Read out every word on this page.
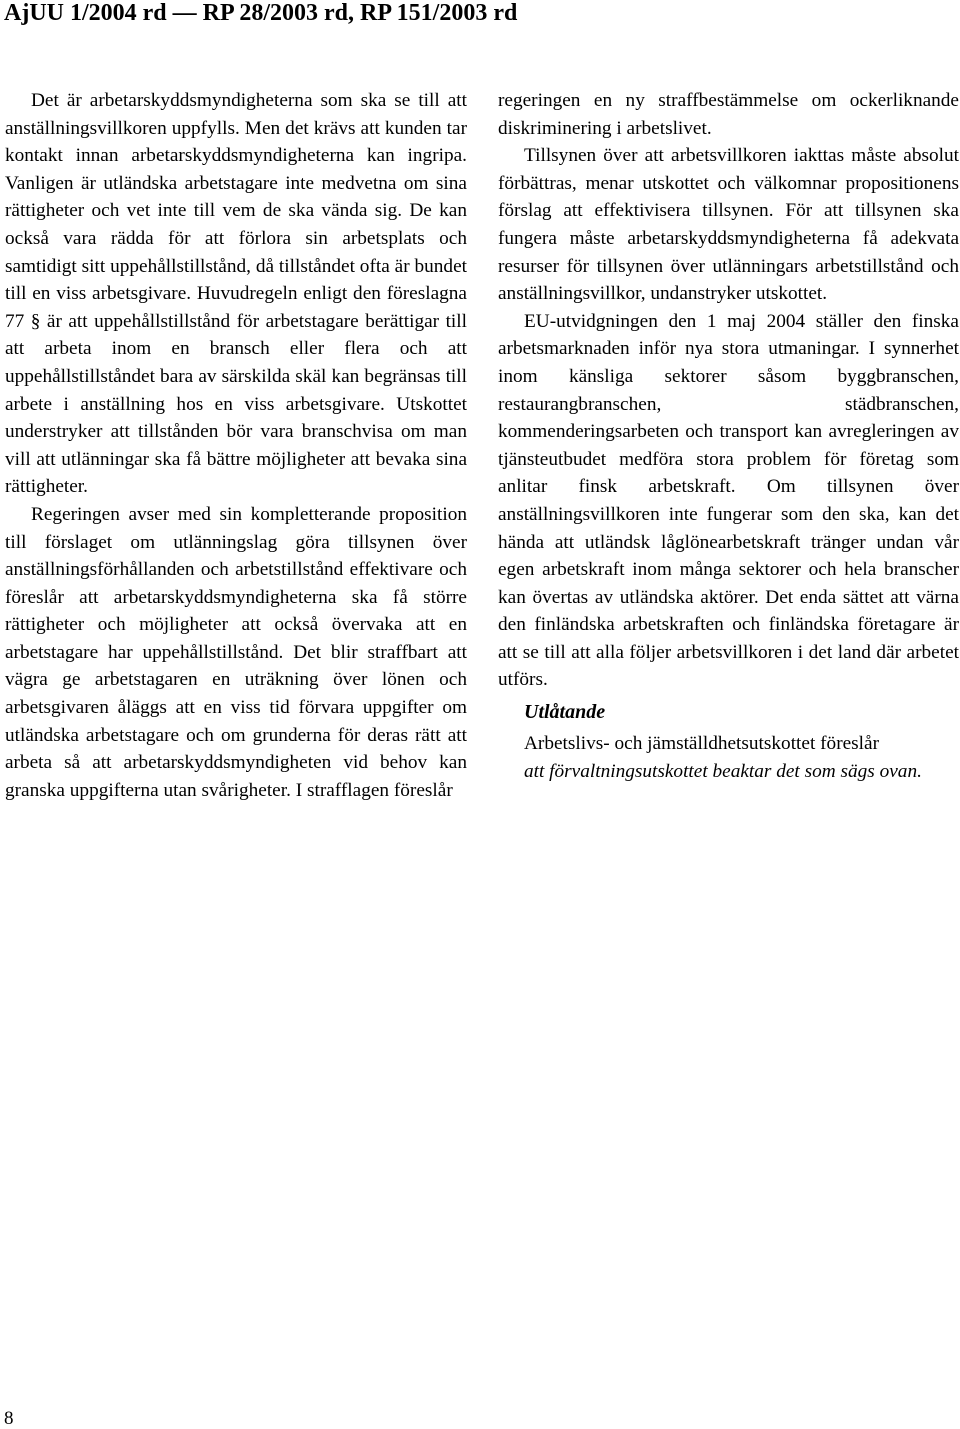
AjUU 1/2004 rd — RP 28/2003 rd, RP 151/2003 rd

Det är arbetarskyddsmyndigheterna som ska se till att anställningsvillkoren uppfylls. Men det krävs att kunden tar kontakt innan arbetarskyddsmyndigheterna kan ingripa. Vanligen är utländska arbetstagare inte medvetna om sina rättigheter och vet inte till vem de ska vända sig. De kan också vara rädda för att förlora sin arbetsplats och samtidigt sitt uppehållstillstånd, då tillståndet ofta är bundet till en viss arbetsgivare. Huvudregeln enligt den föreslagna 77 § är att uppehållstillstånd för arbetstagare berättigar till att arbeta inom en bransch eller flera och att uppehållstillståndet bara av särskilda skäl kan begränsas till arbete i anställning hos en viss arbetsgivare. Utskottet understryker att tillstånden bör vara branschvisa om man vill att utlänningar ska få bättre möjligheter att bevaka sina rättigheter.

Regeringen avser med sin kompletterande proposition till förslaget om utlänningslag göra tillsynen över anställningsförhållanden och arbetstillstånd effektivare och föreslår att arbetarskyddsmyndigheterna ska få större rättigheter och möjligheter att också övervaka att en arbetstagare har uppehållstillstånd. Det blir straffbart att vägra ge arbetstagaren en uträkning över lönen och arbetsgivaren åläggs att en viss tid förvara uppgifter om utländska arbetstagare och om grunderna för deras rätt att arbeta så att arbetarskyddsmyndigheten vid behov kan granska uppgifterna utan svårigheter. I strafflagen föreslår

regeringen en ny straffbestämmelse om ockerliknande diskriminering i arbetslivet.

Tillsynen över att arbetsvillkoren iakttas måste absolut förbättras, menar utskottet och välkomnar propositionens förslag att effektivisera tillsynen. För att tillsynen ska fungera måste arbetarskyddsmyndigheterna få adekvata resurser för tillsynen över utlänningars arbetstillstånd och anställningsvillkor, undanstryker utskottet.

EU-utvidgningen den 1 maj 2004 ställer den finska arbetsmarknaden inför nya stora utmaningar. I synnerhet inom känsliga sektorer såsom byggbranschen, restaurangbranschen, städbranschen, kommenderingsarbeten och transport kan avregleringen av tjänsteutbudet medföra stora problem för företag som anlitar finsk arbetskraft. Om tillsynen över anställningsvillkoren inte fungerar som den ska, kan det hända att utländsk låglönearbetskraft tränger undan vår egen arbetskraft inom många sektorer och hela branscher kan övertas av utländska aktörer. Det enda sättet att värna den finländska arbetskraften och finländska företagare är att se till att alla följer arbetsvillkoren i det land där arbetet utförs.

Utlåtande

Arbetslivs- och jämställdhetsutskottet föreslår

att förvaltningsutskottet beaktar det som sägs ovan.

8
